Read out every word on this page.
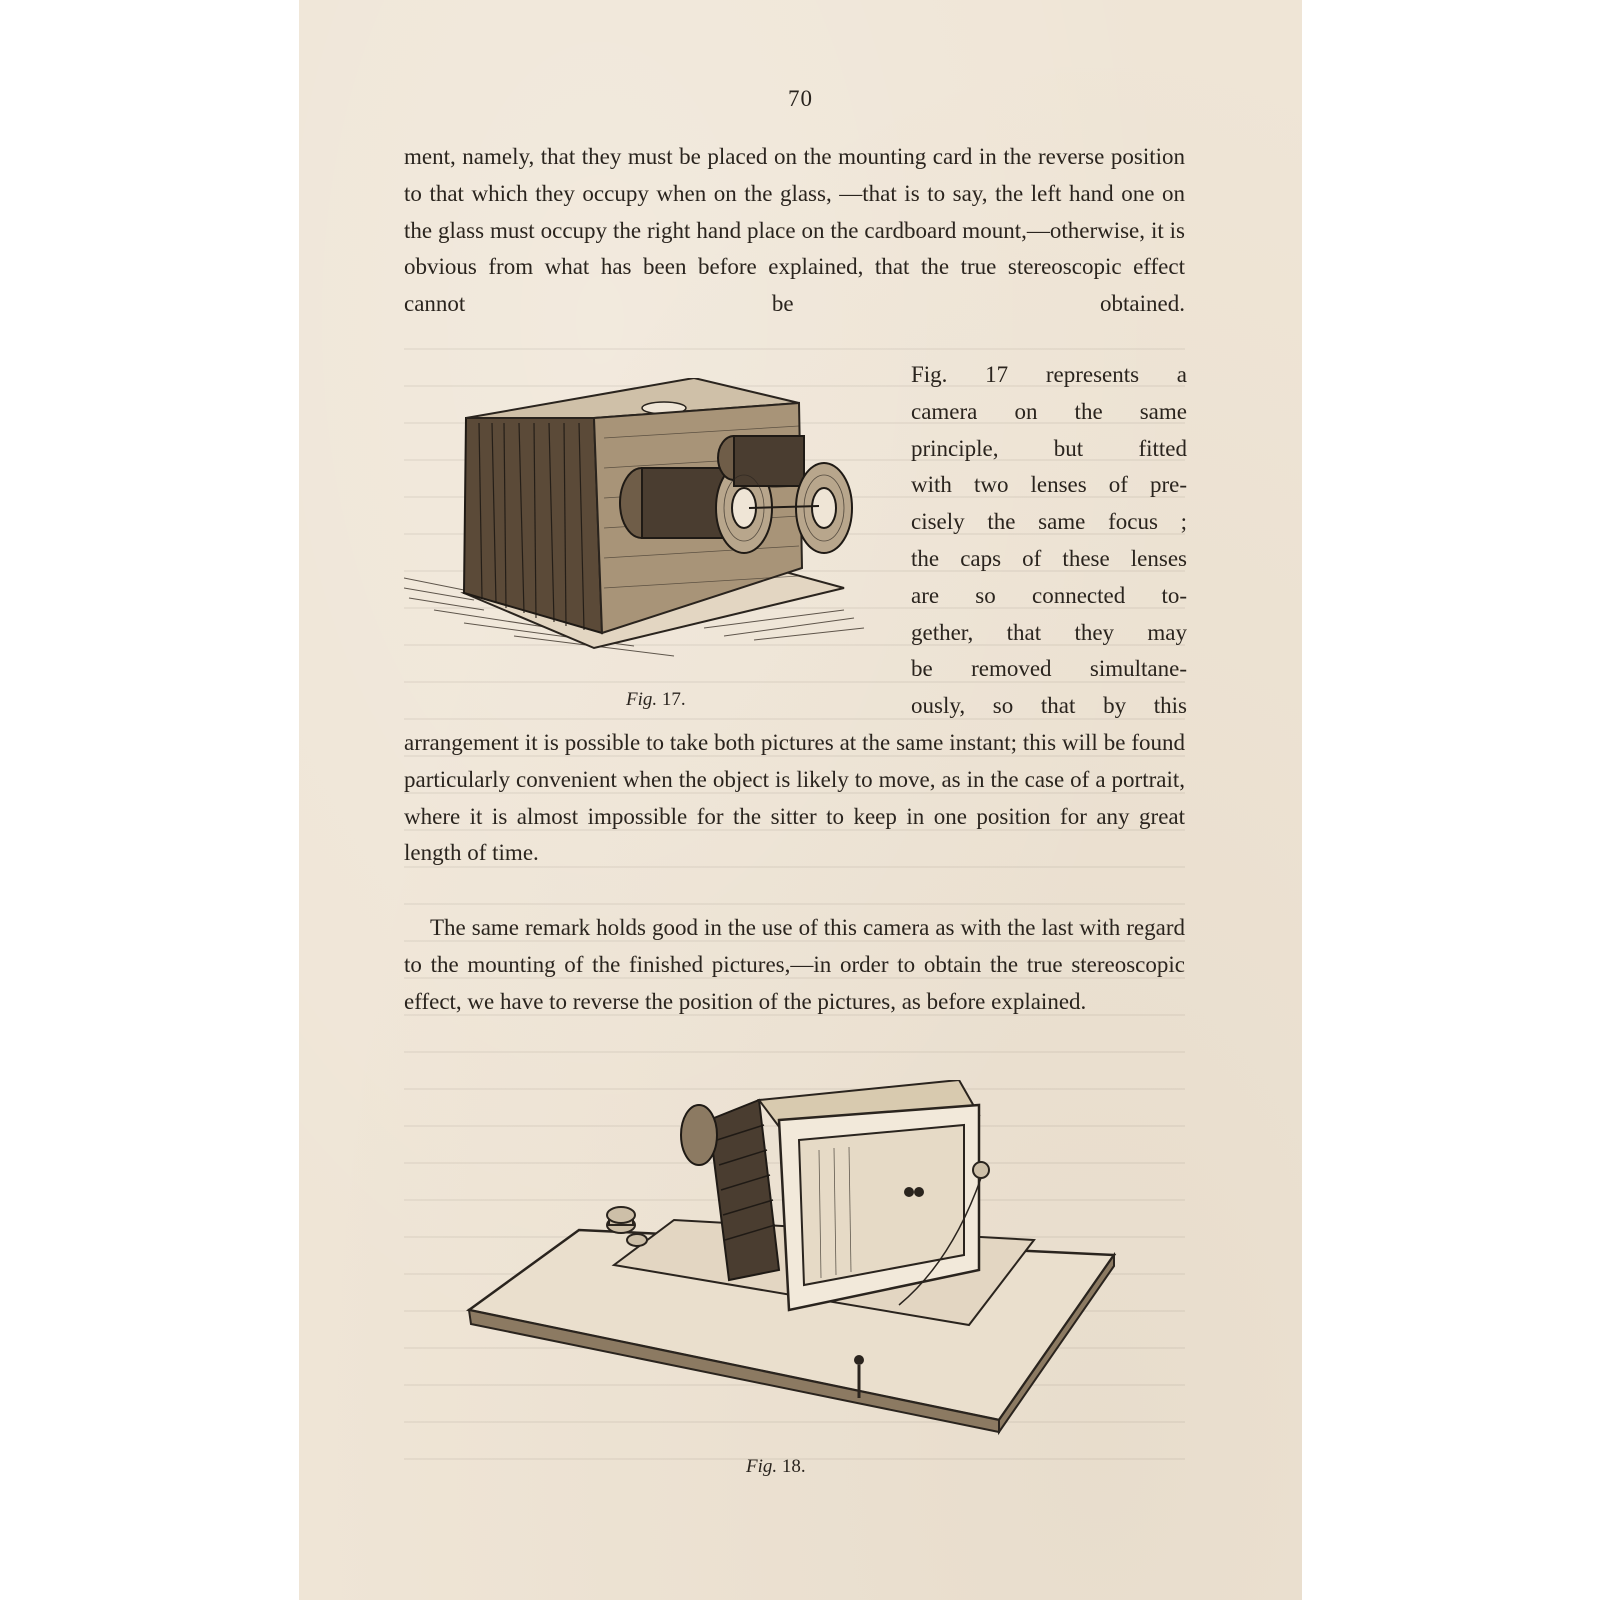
70

ment, namely, that they must be placed on the mounting card in the reverse position to that which they occupy when on the glass, —that is to say, the left hand one on the glass must occupy the right hand place on the cardboard mount,—otherwise, it is obvious from what has been before explained, that the true stereoscopic effect cannot be obtained.

Fig. 17.
Fig. 17 represents a
camera on the same
principle, but fitted
with two lenses of pre-
cisely the same focus ;
the caps of these lenses
are so connected to-
gether, that they may
be removed simultane-
ously, so that by this

arrangement it is possible to take both pictures at the same instant; this will be found particularly convenient when the object is likely to move, as in the case of a portrait, where it is almost impossible for the sitter to keep in one position for any great length of time.

The same remark holds good in the use of this camera as with the last with regard to the mounting of the finished pictures,—in order to obtain the true stereoscopic effect, we have to reverse the position of the pictures, as before explained.

Fig. 18.
